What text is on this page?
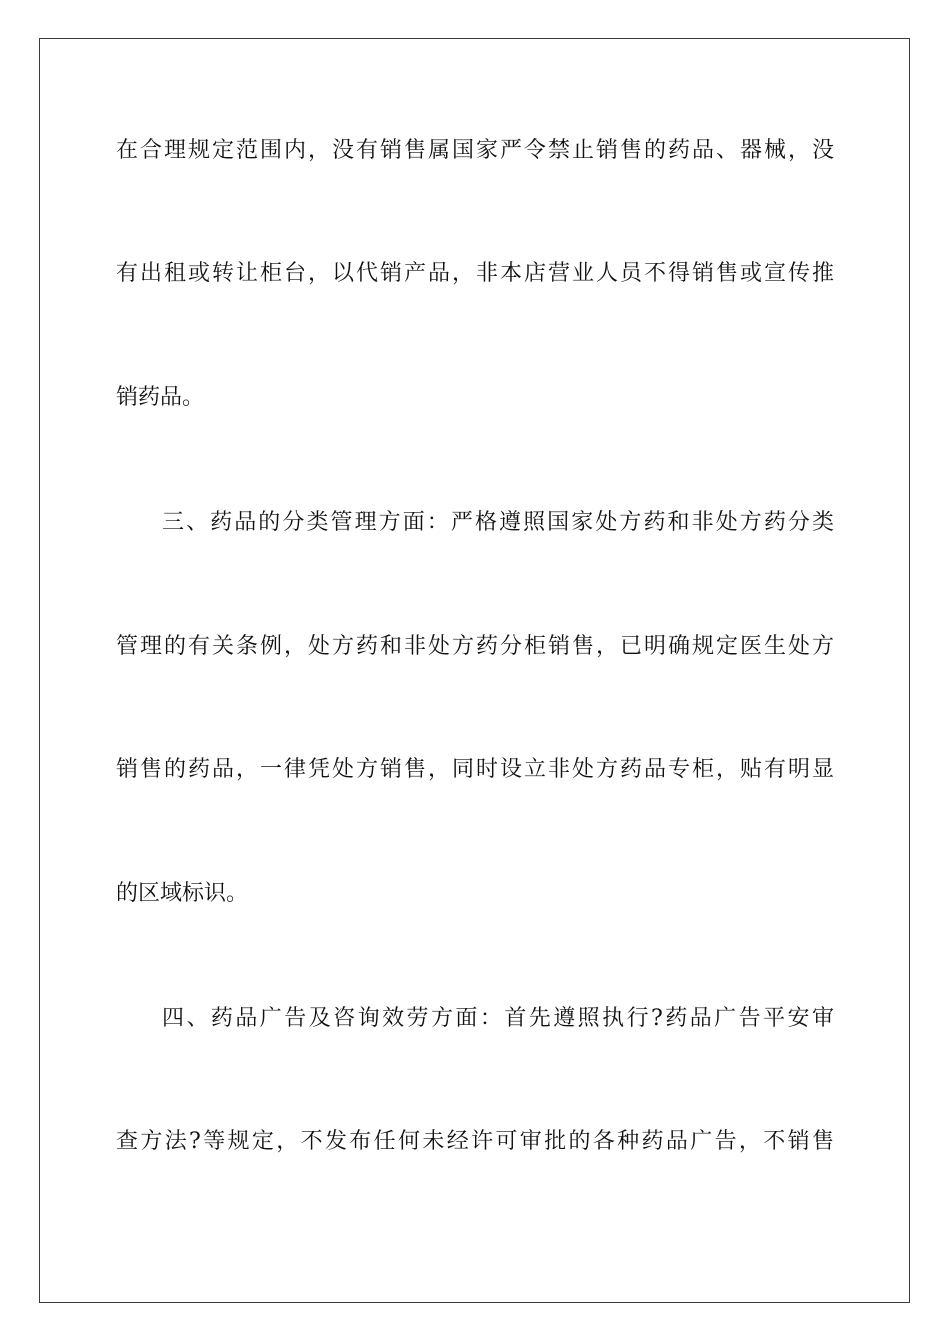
在合理规定范围内，没有销售属国家严令禁止销售的药品、器械，没
有出租或转让柜台，以代销产品，非本店营业人员不得销售或宣传推
销药品。
三、药品的分类管理方面：严格遵照国家处方药和非处方药分类
管理的有关条例，处方药和非处方药分柜销售，已明确规定医生处方
销售的药品，一律凭处方销售，同时设立非处方药品专柜，贴有明显
的区域标识。
四、药品广告及咨询效劳方面：首先遵照执行?药品广告平安审
查方法?等规定，不发布任何未经许可审批的各种药品广告，不销售
